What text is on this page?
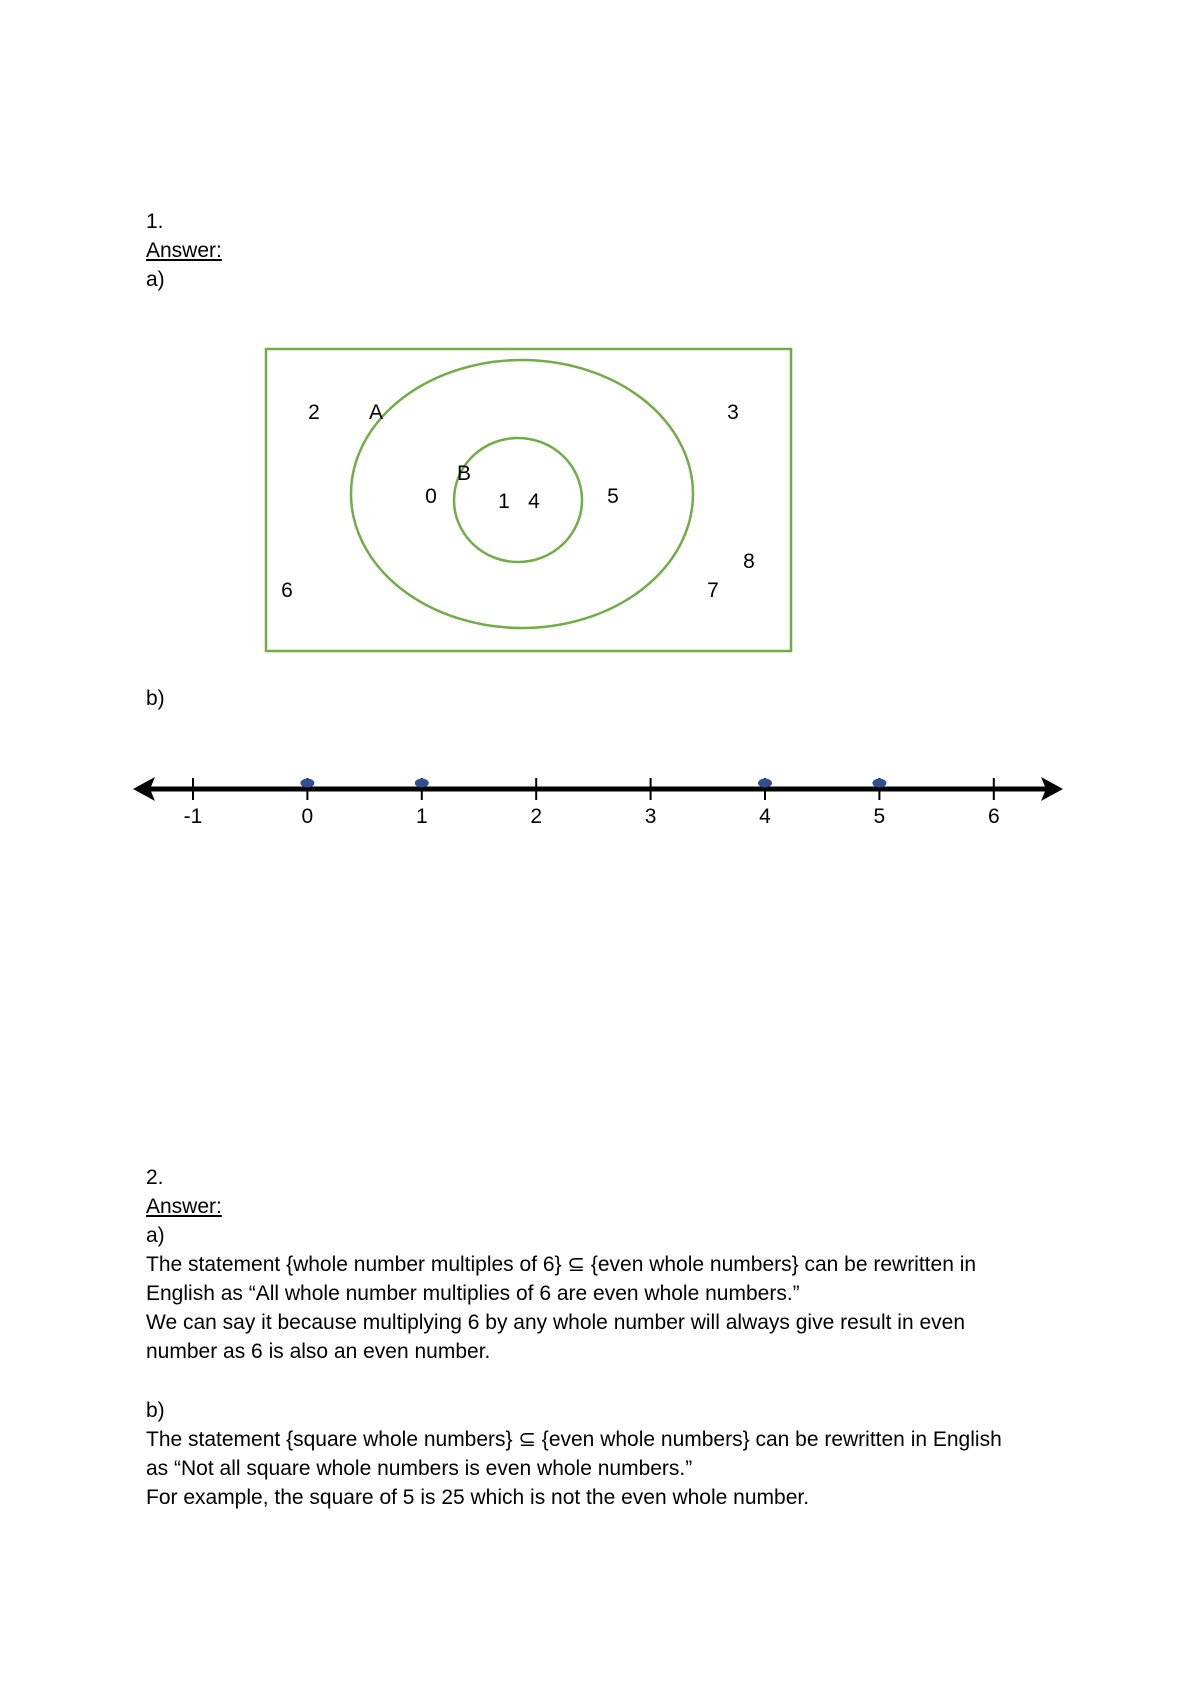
1.
Answer:
a)
A
B
2	3
6	7
8
0	5
1 4
b)
-1	0	1	2	3	4	5	6
2.
Answer:
a)
The statement {whole number multiples of 6} ⊆ {even whole numbers} can be rewritten in
English as “All whole number multiplies of 6 are even whole numbers.”
We can say it because multiplying 6 by any whole number will always give result in even
number as 6 is also an even number.
b)
The statement {square whole numbers} ⊆ {even whole numbers} can be rewritten in English
as “Not all square whole numbers is even whole numbers.”
For example, the square of 5 is 25 which is not the even whole number.
